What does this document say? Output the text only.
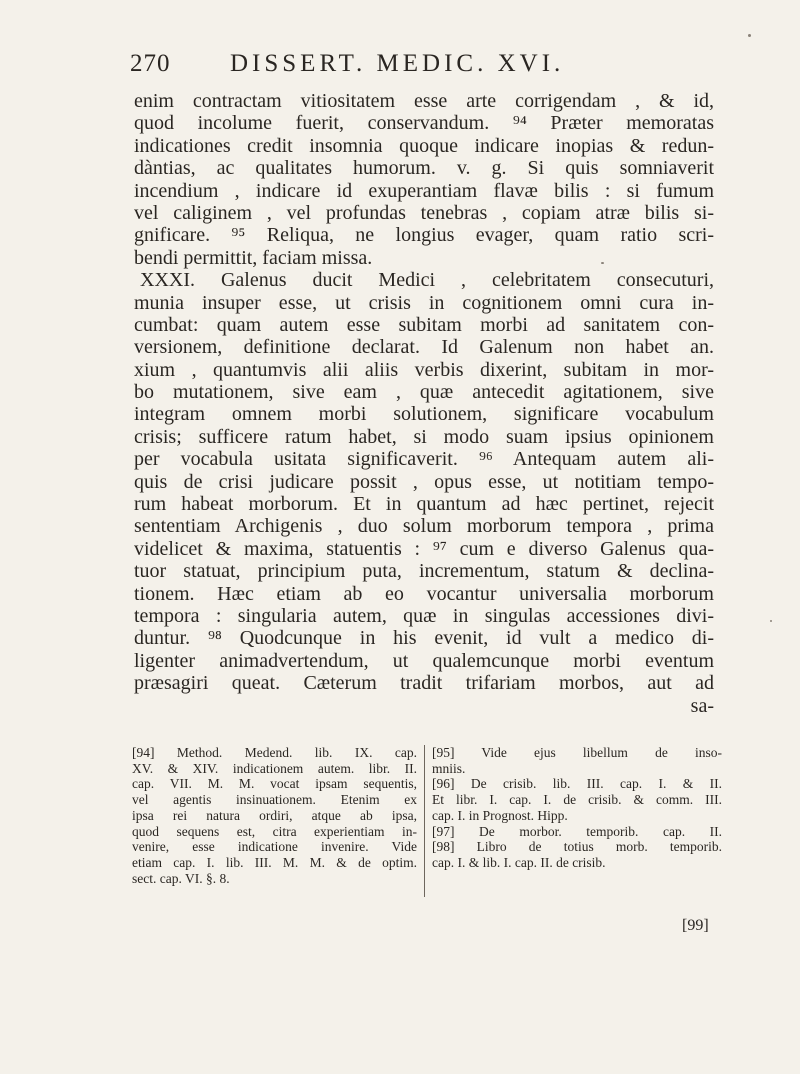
270 DISSERT. MEDIC. XVI.
enim contractam vitiositatem esse arte corrigendam , & id,
quod incolume fuerit, conservandum. ⁹⁴ Præter memoratas
indicationes credit insomnia quoque indicare inopias & redun-
dàntias, ac qualitates humorum. v. g. Si quis somniaverit
incendium , indicare id exuperantiam flavæ bilis : si fumum
vel caliginem , vel profundas tenebras , copiam atræ bilis si-
gnificare. ⁹⁵ Reliqua, ne longius evager, quam ratio scri-
bendi permittit, faciam missa.
XXXI. Galenus ducit Medici , celebritatem consecuturi,
munia insuper esse, ut crisis in cognitionem omni cura in-
cumbat: quam autem esse subitam morbi ad sanitatem con-
versionem, definitione declarat. Id Galenum non habet an.
xium , quantumvis alii aliis verbis dixerint, subitam in mor-
bo mutationem, sive eam , quæ antecedit agitationem, sive
integram omnem morbi solutionem, significare vocabulum
crisis; sufficere ratum habet, si modo suam ipsius opinionem
per vocabula usitata significaverit. ⁹⁶ Antequam autem ali-
quis de crisi judicare possit , opus esse, ut notitiam tempo-
rum habeat morborum. Et in quantum ad hæc pertinet, rejecit
sententiam Archigenis , duo solum morborum tempora , prima
videlicet & maxima, statuentis : ⁹⁷ cum e diverso Galenus qua-
tuor statuat, principium puta, incrementum, statum & declina-
tionem. Hæc etiam ab eo vocantur universalia morborum
tempora : singularia autem, quæ in singulas accessiones divi-
duntur. ⁹⁸ Quodcunque in his evenit, id vult a medico di-
ligenter animadvertendum, ut qualemcunque morbi eventum
præsagiri queat. Cæterum tradit trifariam morbos, aut ad
sa-
[94] Method. Medend. lib. IX. cap.
XV. & XIV. indicationem autem. libr. II.
cap. VII. M. M. vocat ipsam sequentis,
vel agentis insinuationem. Etenim ex
ipsa rei natura ordiri, atque ab ipsa,
quod sequens est, citra experientiam in-
venire, esse indicatione invenire. Vide
etiam cap. I. lib. III. M. M. & de optim.
sect. cap. VI. §. 8.
[95] Vide ejus libellum de inso-
mniis.
[96] De crisib. lib. III. cap. I. & II.
Et libr. I. cap. I. de crisib. & comm. III.
cap. I. in Prognost. Hipp.
[97] De morbor. temporib. cap. II.
[98] Libro de totius morb. temporib.
cap. I. & lib. I. cap. II. de crisib.
[99]
